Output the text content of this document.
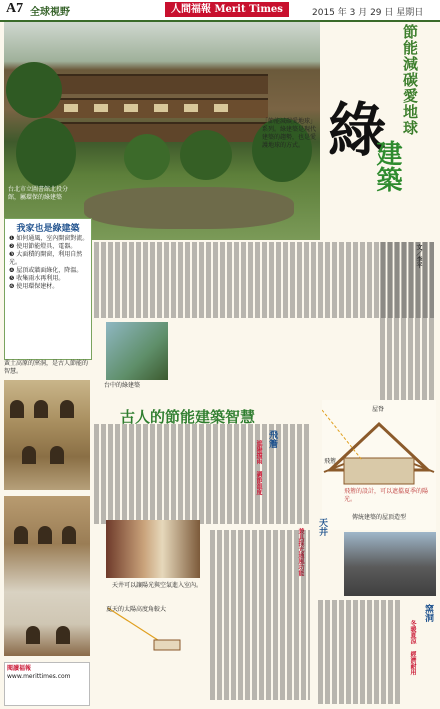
A7 全球視野	人間福報 Merit Times	2015 年 3 月 29 日 星期日
台北市立圖書館北投分館，屬環保的綠建築
節能減碳愛地球
綠
建築
「節能減碳愛地球」系列。綠建築是現代建築的趨勢，也是愛護地球的方式。
文／李平
我家也是綠建築
❶ 如何通風，室內開窗對流。
❷ 使用節能燈具、電器。
❸ 大面積的開窗，利用自然光。
❹ 屋頂或牆面綠化，降溫。
❺ 收集雨水再利用。
❻ 使用環保建材。
黃土高原的窯洞，是古人節能的智慧。
閱讀福報
www.merittimes.com
台中的綠建築
古人的節能建築智慧
飛簷
遮陽擋雨 調節溫度
屋脊
飛簷
飛簷的設計，可以遮擋夏季的陽光。
傳統建築的屋頂造型
天井可以讓陽光與空氣進入室內。
夏天的太陽高度角較大
天井
兼具採光通風功能
窯洞
冬暖夏涼 經濟耐用
